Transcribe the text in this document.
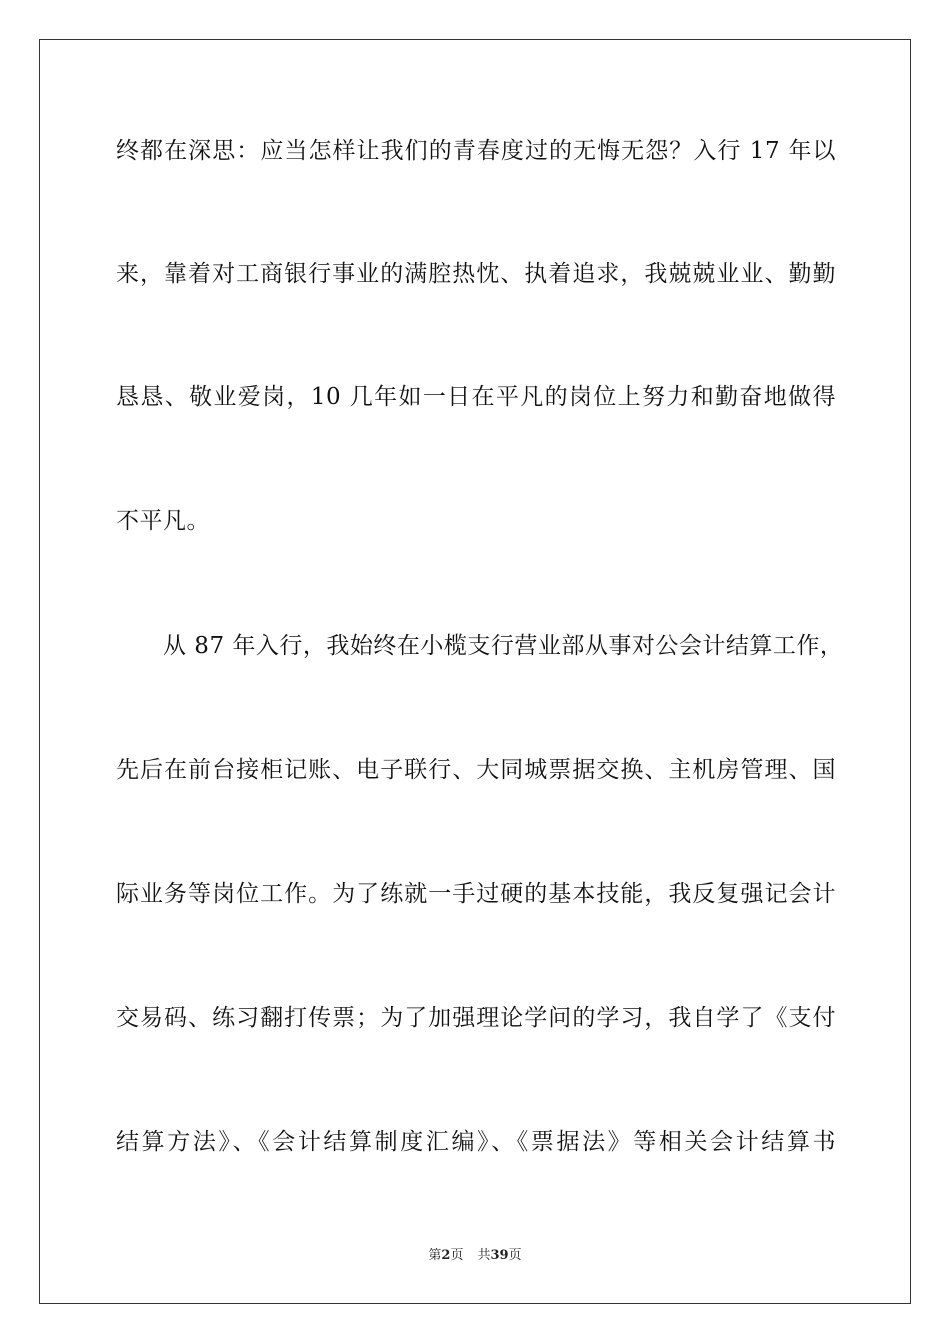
终都在深思：应当怎样让我们的青春度过的无悔无怨？入行 17 年以
来，靠着对工商银行事业的满腔热忱、执着追求，我兢兢业业、勤勤
恳恳、敬业爱岗，10 几年如一日在平凡的岗位上努力和勤奋地做得
不平凡。
从 87 年入行，我始终在小榄支行营业部从事对公会计结算工作，
先后在前台接柜记账、电子联行、大同城票据交换、主机房管理、国
际业务等岗位工作。为了练就一手过硬的基本技能，我反复强记会计
交易码、练习翻打传票；为了加强理论学问的学习，我自学了《支付
结算方法》、《会计结算制度汇编》、《票据法》等相关会计结算书
第2页 共39页
